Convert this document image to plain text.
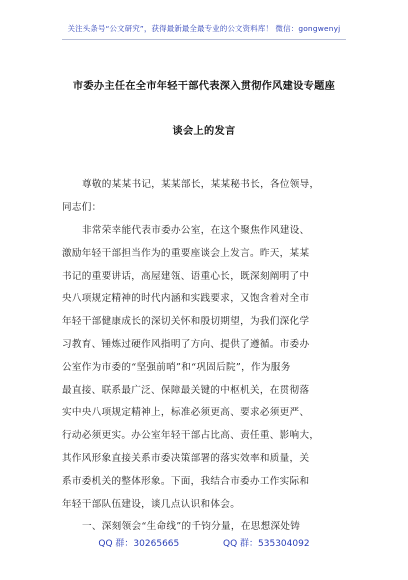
关注头条号“公文研究”，获得最新最全最专业的公文资料库！ 微信：gongwenyj
市委办主任在全市年轻干部代表深入贯彻作风建设专题座
谈会上的发言
尊敬的某某书记，某某部长，某某秘书长，各位领导，
同志们：
非常荣幸能代表市委办公室，在这个聚焦作风建设、
激励年轻干部担当作为的重要座谈会上发言。昨天，某某
书记的重要讲话，高屋建瓴、语重心长，既深刻阐明了中
央八项规定精神的时代内涵和实践要求，又饱含着对全市
年轻干部健康成长的深切关怀和殷切期望，为我们深化学
习教育、锤炼过硬作风指明了方向、提供了遵循。市委办
公室作为市委的“坚强前哨”和“巩固后院”，作为服务
最直接、联系最广泛、保障最关键的中枢机关，在贯彻落
实中央八项规定精神上，标准必须更高、要求必须更严、
行动必须更实。办公室年轻干部占比高、责任重、影响大，
其作风形象直接关系市委决策部署的落实效率和质量，关
系市委机关的整体形象。下面，我结合市委办工作实际和
年轻干部队伍建设，谈几点认识和体会。
一、深刻领会“生命线”的千钧分量，在思想深处铸
QQ 群：30265665	QQ 群：535304092
